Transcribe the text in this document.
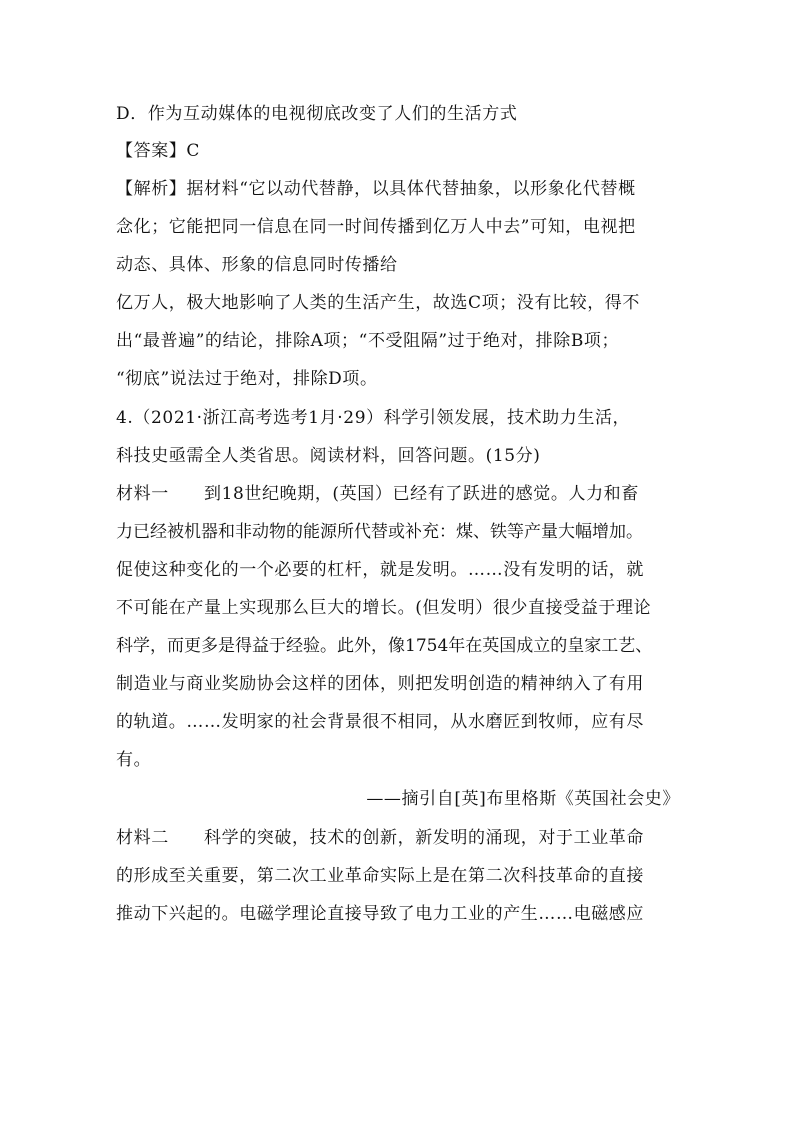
D．作为互动媒体的电视彻底改变了人们的生活方式

【答案】C

【解析】据材料“它以动代替静，以具体代替抽象，以形象化代替概

念化；它能把同一信息在同一时间传播到亿万人中去”可知，电视把

动态、具体、形象的信息同时传播给

亿万人，极大地影响了人类的生活产生，故选C项；没有比较，得不

出“最普遍”的结论，排除A项；“不受阻隔”过于绝对，排除B项；

“彻底”说法过于绝对，排除D项。

4.（2021·浙江高考选考1月·29）科学引领发展，技术助力生活，

科技史亟需全人类省思。阅读材料，回答问题。(15分)

材料一　　到18世纪晚期，(英国）已经有了跃进的感觉。人力和畜

力已经被机器和非动物的能源所代替或补充：煤、铁等产量大幅增加。

促使这种变化的一个必要的杠杆，就是发明。……没有发明的话，就

不可能在产量上实现那么巨大的增长。(但发明）很少直接受益于理论

科学，而更多是得益于经验。此外，像1754年在英国成立的皇家工艺、

制造业与商业奖励协会这样的团体，则把发明创造的精神纳入了有用

的轨道。……发明家的社会背景很不相同，从水磨匠到牧师，应有尽

有。

——摘引自[英]布里格斯《英国社会史》

材料二　　科学的突破，技术的创新，新发明的涌现，对于工业革命

的形成至关重要，第二次工业革命实际上是在第二次科技革命的直接

推动下兴起的。电磁学理论直接导致了电力工业的产生……电磁感应
